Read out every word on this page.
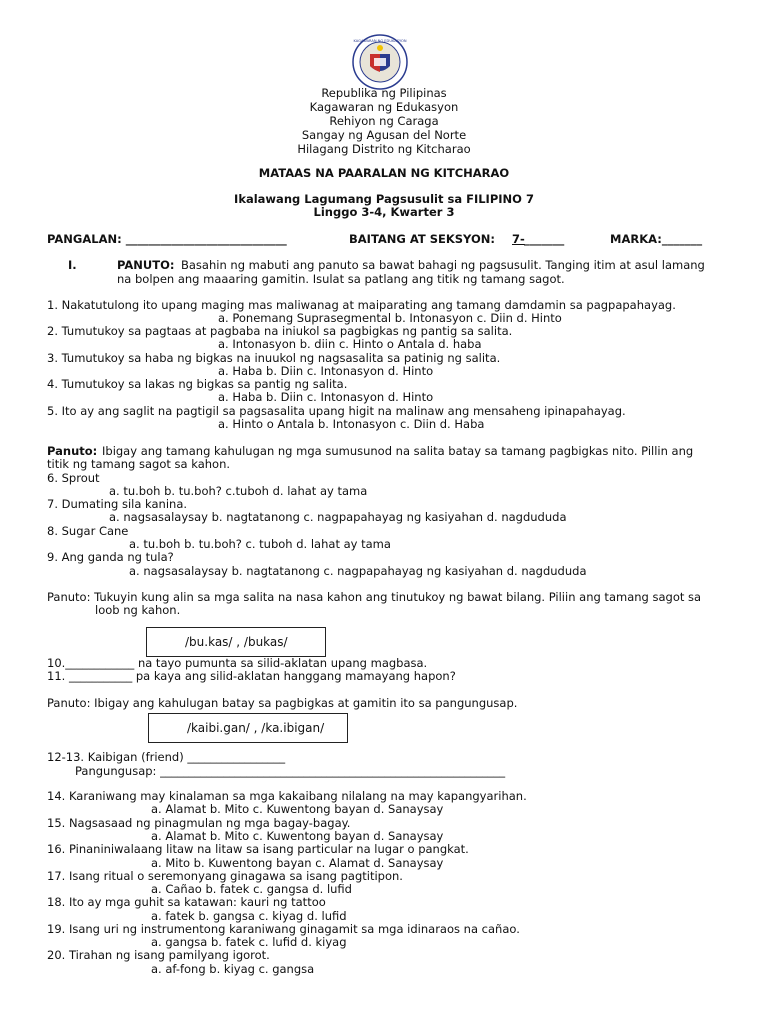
KAGAWARAN NG EDUKASYON
Republika ng Pilipinas
Kagawaran ng Edukasyon
Rehiyon ng Caraga
Sangay ng Agusan del Norte
Hilagang Distrito ng Kitcharao
MATAAS NA PAARALAN NG KITCHARAO
Ikalawang Lagumang Pagsusulit sa FILIPINO 7
Linggo 3-4, Kwarter 3
PANGALAN: ____________________________	BAITANG AT SEKSYON: 7- _______	MARKA:_______
I.	PANUTO: Basahin ng mabuti ang panuto sa bawat bahagi ng pagsusulit. Tanging itim at asul lamang
na bolpen ang maaaring gamitin. Isulat sa patlang ang titik ng tamang sagot.
1. Nakatutulong ito upang maging mas maliwanag at maiparating ang tamang damdamin sa pagpapahayag.
a. Ponemang Suprasegmental b. Intonasyon c. Diin d. Hinto
2. Tumutukoy sa pagtaas at pagbaba na iniukol sa pagbigkas ng pantig sa salita.
a. Intonasyon b. diin c. Hinto o Antala d. haba
3. Tumutukoy sa haba ng bigkas na inuukol ng nagsasalita sa patinig ng salita.
a. Haba b. Diin c. Intonasyon d. Hinto
4. Tumutukoy sa lakas ng bigkas sa pantig ng salita.
a. Haba b. Diin c. Intonasyon d. Hinto
5. Ito ay ang saglit na pagtigil sa pagsasalita upang higit na malinaw ang mensaheng ipinapahayag.
a. Hinto o Antala b. Intonasyon c. Diin d. Haba
Panuto: Ibigay ang tamang kahulugan ng mga sumusunod na salita batay sa tamang pagbigkas nito. Pillin ang
titik ng tamang sagot sa kahon.
6. Sprout
a. tu.boh b. tu.boh? c.tuboh d. lahat ay tama
7. Dumating sila kanina.
a. nagsasalaysay b. nagtatanong c. nagpapahayag ng kasiyahan d. nagdududa
8. Sugar Cane
a. tu.boh b. tu.boh? c. tuboh d. lahat ay tama
9. Ang ganda ng tula?
a. nagsasalaysay b. nagtatanong c. nagpapahayag ng kasiyahan d. nagdududa
Panuto: Tukuyin kung alin sa mga salita na nasa kahon ang tinutukoy ng bawat bilang. Piliin ang tamang sagot sa
loob ng kahon.
/bu.kas/ , /bukas/
10.____________ na tayo pumunta sa silid-aklatan upang magbasa.
11. ___________ pa kaya ang silid-aklatan hanggang mamayang hapon?
Panuto: Ibigay ang kahulugan batay sa pagbigkas at gamitin ito sa pangungusap.
/kaibi.gan/ , /ka.ibigan/
12-13. Kaibigan (friend) _________________
Pangungusap: ____________________________________________________________
14. Karaniwang may kinalaman sa mga kakaibang nilalang na may kapangyarihan.
a. Alamat b. Mito c. Kuwentong bayan d. Sanaysay
15. Nagsasaad ng pinagmulan ng mga bagay-bagay.
a. Alamat b. Mito c. Kuwentong bayan d. Sanaysay
16. Pinaniniwalaang litaw na litaw sa isang particular na lugar o pangkat.
a. Mito b. Kuwentong bayan c. Alamat d. Sanaysay
17. Isang ritual o seremonyang ginagawa sa isang pagtitipon.
a. Cañao b. fatek c. gangsa d. lufid
18. Ito ay mga guhit sa katawan: kauri ng tattoo
a. fatek b. gangsa c. kiyag d. lufid
19. Isang uri ng instrumentong karaniwang ginagamit sa mga idinaraos na cañao.
a. gangsa b. fatek c. lufid d. kiyag
20. Tirahan ng isang pamilyang igorot.
a. af-fong b. kiyag c. gangsa
